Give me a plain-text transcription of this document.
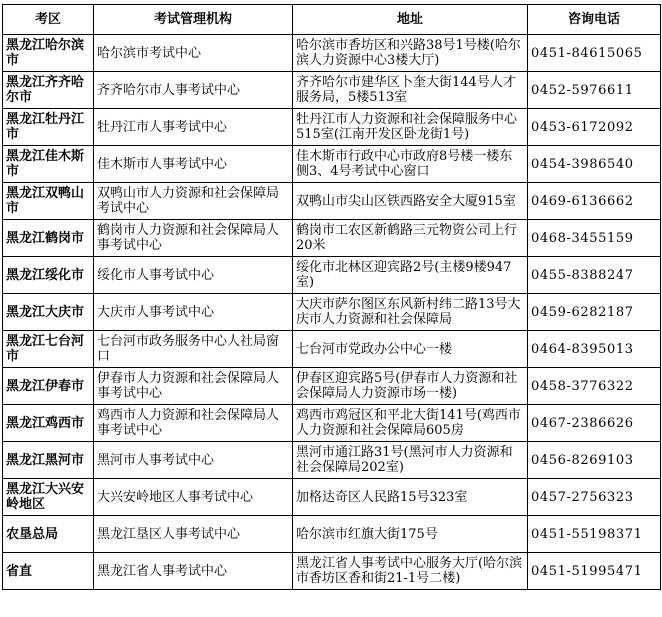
考区	考试管理机构	地址	咨询电话
黑龙江哈尔滨市	哈尔滨市考试中心	哈尔滨市香坊区和兴路38号1号楼(哈尔滨人力资源中心3楼大厅)	0451-84615065
黑龙江齐齐哈尔市	齐齐哈尔市人事考试中心	齐齐哈尔市建华区卜奎大街144号人才服务局，5楼513室	0452-5976611
黑龙江牡丹江市	牡丹江市人事考试中心	牡丹江市人力资源和社会保障服务中心515室(江南开发区卧龙街1号)	0453-6172092
黑龙江佳木斯市	佳木斯市人事考试中心	佳木斯市行政中心市政府8号楼一楼东侧3、4号考试中心窗口	0454-3986540
黑龙江双鸭山市	双鸭山市人力资源和社会保障局考试中心	双鸭山市尖山区铁西路安全大厦915室	0469-6136662
黑龙江鹤岗市	鹤岗市人力资源和社会保障局人事考试中心	鹤岗市工农区新鹤路三元物资公司上行20米	0468-3455159
黑龙江绥化市	绥化市人事考试中心	绥化市北林区迎宾路2号(主楼9楼947室)	0455-8388247
黑龙江大庆市	大庆市人事考试中心	大庆市萨尔图区东风新村纬二路13号大庆市人力资源和社会保障局	0459-6282187
黑龙江七台河市	七台河市政务服务中心人社局窗口	七台河市党政办公中心一楼	0464-8395013
黑龙江伊春市	伊春市人力资源和社会保障局人事考试中心	伊春区迎宾路5号(伊春市人力资源和社会保障局人力资源市场一楼)	0458-3776322
黑龙江鸡西市	鸡西市人力资源和社会保障局人事考试中心	鸡西市鸡冠区和平北大街141号(鸡西市人力资源和社会保障局605房	0467-2386626
黑龙江黑河市	黑河市人事考试中心	黑河市通江路31号(黑河市人力资源和社会保障局202室)	0456-8269103
黑龙江大兴安岭地区	大兴安岭地区人事考试中心	加格达奇区人民路15号323室	0457-2756323
农垦总局	黑龙江垦区人事考试中心	哈尔滨市红旗大街175号	0451-55198371
省直	黑龙江省人事考试中心	黑龙江省人事考试中心服务大厅(哈尔滨市香坊区香和街21-1号二楼)	0451-51995471
